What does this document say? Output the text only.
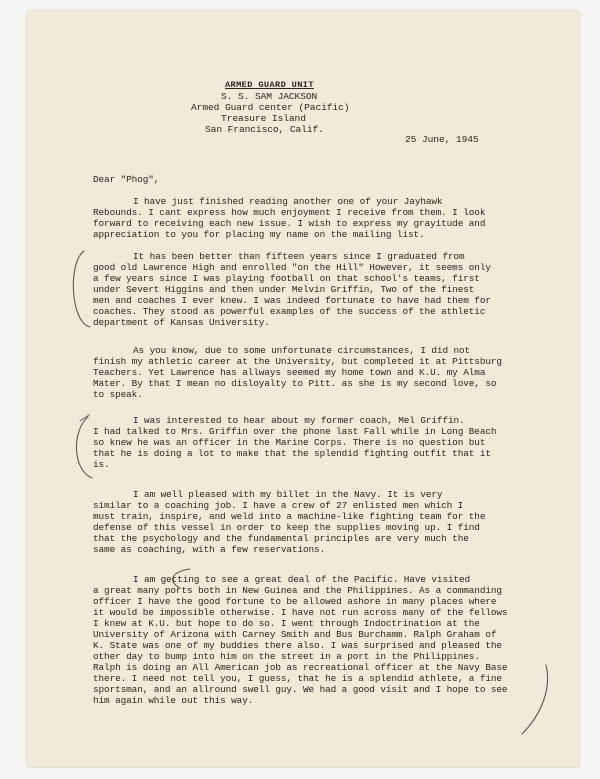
ARMED GUARD UNIT
S. S. SAM JACKSON
Armed Guard center (Pacific)
Treasure Island
San Francisco, Calif.
25 June, 1945
Dear "Phog",
I have just finished reading another one of your Jayhawk
Rebounds. I cant express how much enjoyment I receive from them. I look
forward to receiving each new issue. I wish to express my grayitude and
appreciation to you for placing my name on the mailing list.
It has been better than fifteen years since I graduated from
good old Lawrence High and enrolled "on the Hill" However, it seems only
a few years since I was playing football on that school's teams, first
under Severt Higgins and then under Melvin Griffin, Two of the finest
men and coaches I ever knew. I was indeed fortunate to have had them for
coaches. They stood as powerful examples of the success of the athletic
department of Kansas University.
As you know, due to some unfortunate circumstances, I did not
finish my athletic career at the University, but completed it at Pittsburg
Teachers. Yet Lawrence has allways seemed my home town and K.U. my Alma
Mater. By that I mean no disloyalty to Pitt. as she is my second love, so
to speak.
I was interested to hear about my former coach, Mel Griffin.
I had talked to Mrs. Griffin over the phone last Fall while in Long Beach
so knew he was an officer in the Marine Corps. There is no question but
that he is doing a lot to make that the splendid fighting outfit that it
is.
I am well pleased with my billet in the Navy. It is very
similar to a coaching job. I have a crew of 27 enlisted men which I
must train, inspire, and weld into a machine-like fighting team for the
defense of this vessel in order to keep the supplies moving up. I find
that the psychology and the fundamental principles are very much the
same as coaching, with a few reservations.
I am getting to see a great deal of the Pacific. Have visited
a great many ports both in New Guinea and the Philippines. As a commanding
officer I have the good fortune to be allowed ashore in many places where
it would be impossible otherwise. I have not run across many of the fellows
I knew at K.U. but hope to do so. I went through Indoctrination at the
University of Arizona with Carney Smith and Bus Burchamm. Ralph Graham of
K. State was one of my buddies there also. I was surprised and pleased the
other day to bump into him on the street in a port in the Philippines.
Ralph is doing an All American job as recreational officer at the Navy Base
there. I need not tell you, I guess, that he is a splendid athlete, a fine
sportsman, and an allround swell guy. We had a good visit and I hope to see
him again while out this way.
